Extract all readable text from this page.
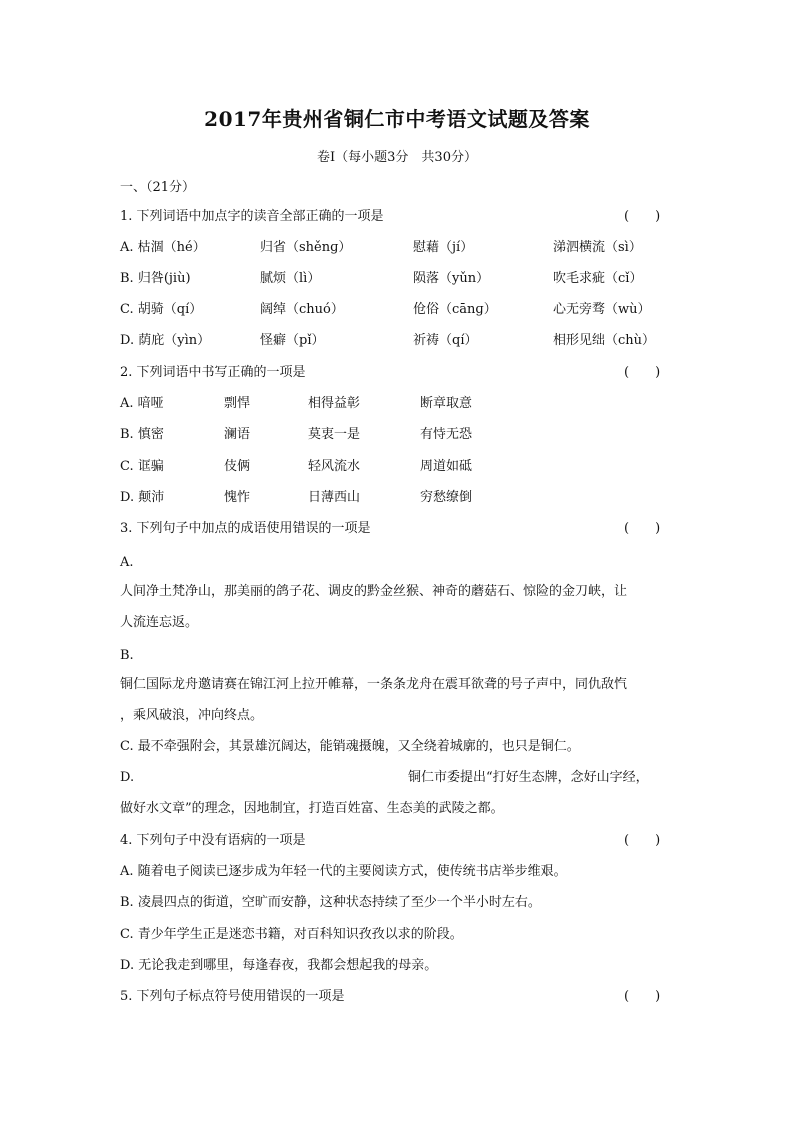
2017年贵州省铜仁市中考语文试题及答案
卷Ⅰ（每小题3分　共30分）
一、（21分）
1. 下列词语中加点字的读音全部正确的一项是	(　　)
A. 枯涸（hé）	归省（shěnɡ）	慰藉（jí）	涕泗横流（sì）
B. 归咎(jiù)	腻烦（lì）	陨落（yǔn）	吹毛求疵（cǐ）
C. 胡骑（qí）	阔绰（chuó）	伧俗（cānɡ）	心无旁骛（wù）
D. 荫庇（yìn）	怪癖（pǐ）	祈祷（qí）	相形见绌（chù）
2. 下列词语中书写正确的一项是	(　　)
A. 喑哑	剽悍	相得益彰	断章取意
B. 慎密	澜语	莫衷一是	有恃无恐
C. 诓骗	伎俩	轻风流水	周道如砥
D. 颠沛	愧怍	日薄西山	穷愁缭倒
3. 下列句子中加点的成语使用错误的一项是	(　　)
A.
人间净土梵净山，那美丽的鸽子花、调皮的黔金丝猴、神奇的蘑菇石、惊险的金刀峡，让
人流连忘返。
B.
铜仁国际龙舟邀请赛在锦江河上拉开帷幕，一条条龙舟在震耳欲聋的号子声中，同仇敌忾
，乘风破浪，冲向终点。
C. 最不牵强附会，其景雄沉阔达，能销魂摄魄，又全绕着城廓的，也只是铜仁。
D.	铜仁市委提出“打好生态牌，念好山字经，
做好水文章”的理念，因地制宜，打造百姓富、生态美的武陵之都。
4. 下列句子中没有语病的一项是	(　　)
A. 随着电子阅读已逐步成为年轻一代的主要阅读方式，使传统书店举步维艰。
B. 凌晨四点的街道，空旷而安静，这种状态持续了至少一个半小时左右。
C. 青少年学生正是迷恋书籍，对百科知识孜孜以求的阶段。
D. 无论我走到哪里，每逢春夜，我都会想起我的母亲。
5. 下列句子标点符号使用错误的一项是	(　　)
